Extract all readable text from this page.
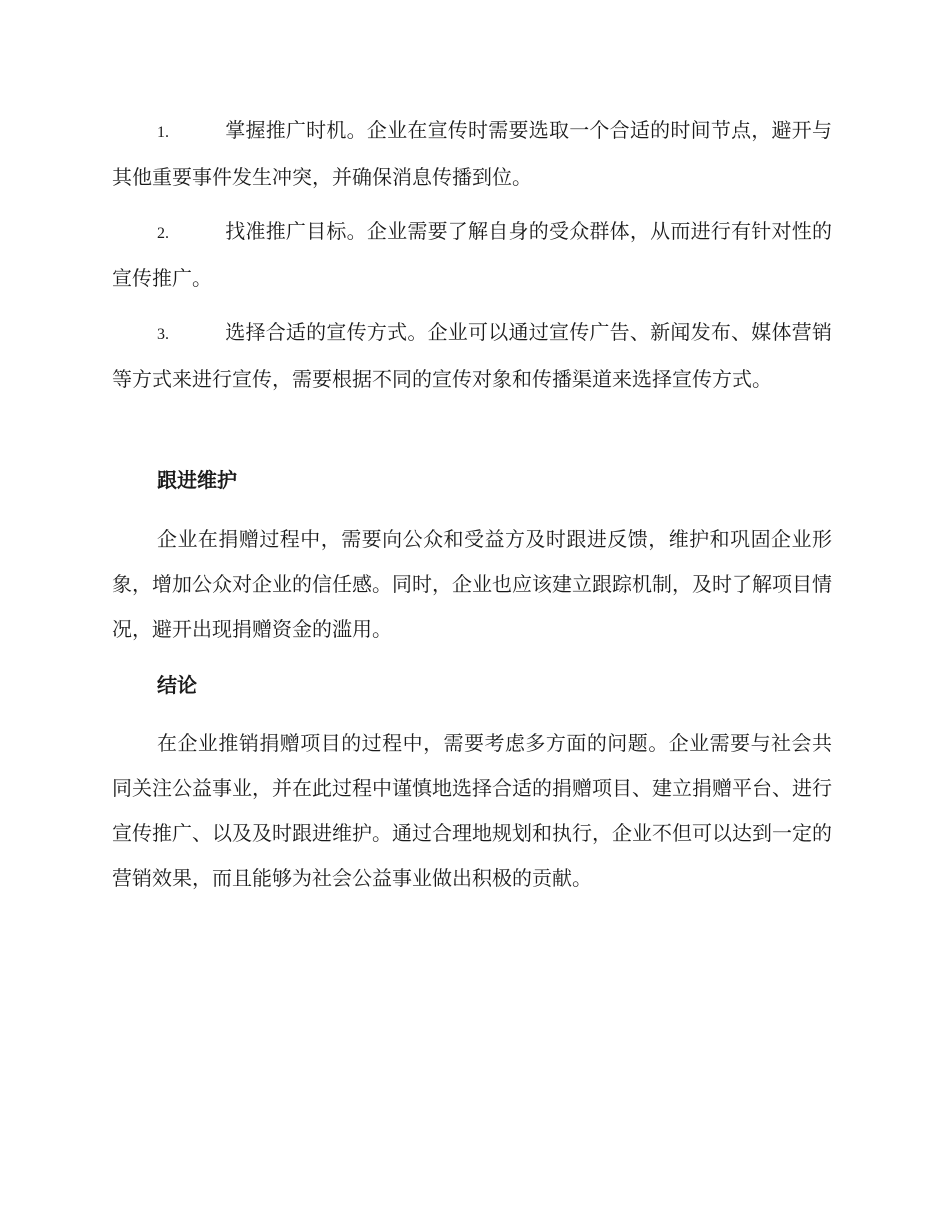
1.	掌握推广时机。企业在宣传时需要选取一个合适的时间节点，避开与其他重要事件发生冲突，并确保消息传播到位。
2.	找准推广目标。企业需要了解自身的受众群体，从而进行有针对性的宣传推广。
3.	选择合适的宣传方式。企业可以通过宣传广告、新闻发布、媒体营销等方式来进行宣传，需要根据不同的宣传对象和传播渠道来选择宣传方式。
跟进维护
企业在捐赠过程中，需要向公众和受益方及时跟进反馈，维护和巩固企业形象，增加公众对企业的信任感。同时，企业也应该建立跟踪机制，及时了解项目情况，避开出现捐赠资金的滥用。
结论
在企业推销捐赠项目的过程中，需要考虑多方面的问题。企业需要与社会共同关注公益事业，并在此过程中谨慎地选择合适的捐赠项目、建立捐赠平台、进行宣传推广、以及及时跟进维护。通过合理地规划和执行，企业不但可以达到一定的营销效果，而且能够为社会公益事业做出积极的贡献。
